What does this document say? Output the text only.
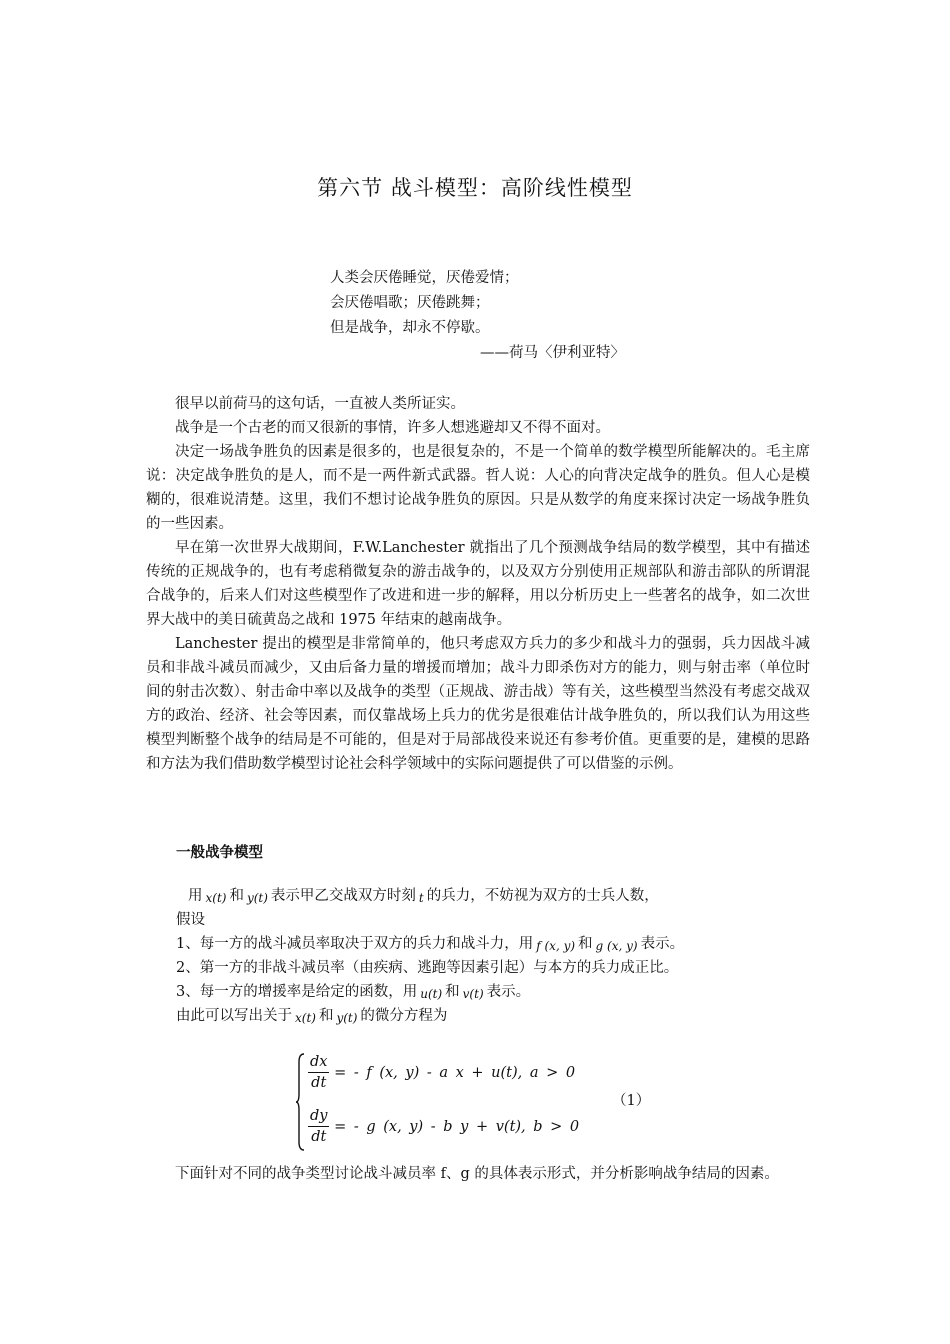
第六节 战斗模型：高阶线性模型
人类会厌倦睡觉，厌倦爱情；
会厌倦唱歌；厌倦跳舞；
但是战争，却永不停歇。
——荷马〈伊利亚特〉

很早以前荷马的这句话，一直被人类所证实。

战争是一个古老的而又很新的事情，许多人想逃避却又不得不面对。

决定一场战争胜负的因素是很多的，也是很复杂的，不是一个简单的数学模型所能解决的。毛主席说：决定战争胜负的是人，而不是一两件新式武器。哲人说：人心的向背决定战争的胜负。但人心是模糊的，很难说清楚。这里，我们不想讨论战争胜负的原因。只是从数学的角度来探讨决定一场战争胜负的一些因素。

早在第一次世界大战期间，F.W.Lanchester 就指出了几个预测战争结局的数学模型，其中有描述传统的正规战争的，也有考虑稍微复杂的游击战争的，以及双方分别使用正规部队和游击部队的所谓混合战争的，后来人们对这些模型作了改进和进一步的解释，用以分析历史上一些著名的战争，如二次世界大战中的美日硫黄岛之战和 1975 年结束的越南战争。

Lanchester 提出的模型是非常简单的，他只考虑双方兵力的多少和战斗力的强弱，兵力因战斗减员和非战斗减员而减少，又由后备力量的增援而增加；战斗力即杀伤对方的能力，则与射击率（单位时间的射击次数）、射击命中率以及战争的类型（正规战、游击战）等有关，这些模型当然没有考虑交战双方的政治、经济、社会等因素，而仅靠战场上兵力的优劣是很难估计战争胜负的，所以我们认为用这些模型判断整个战争的结局是不可能的，但是对于局部战役来说还有参考价值。更重要的是，建模的思路和方法为我们借助数学模型讨论社会科学领域中的实际问题提供了可以借鉴的示例。

一般战争模型
用 x(t) 和 y(t) 表示甲乙交战双方时刻 t 的兵力，不妨视为双方的士兵人数，
假设
1、每一方的战斗减员率取决于双方的兵力和战斗力，用 f (x, y) 和 g (x, y) 表示。
2、第一方的非战斗减员率（由疾病、逃跑等因素引起）与本方的兵力成正比。
3、每一方的增援率是给定的函数，用 u(t) 和 v(t) 表示。
由此可以写出关于 x(t) 和 y(t) 的微分方程为
$\frac{dx}{dt}$ = - f (x, y) - a x + u(t), a > 0
$\frac{dy}{dt}$ = - g (x, y) - b y + v(t), b > 0
（1）

下面针对不同的战争类型讨论战斗减员率 f、g 的具体表示形式，并分析影响战争结局的因素。
